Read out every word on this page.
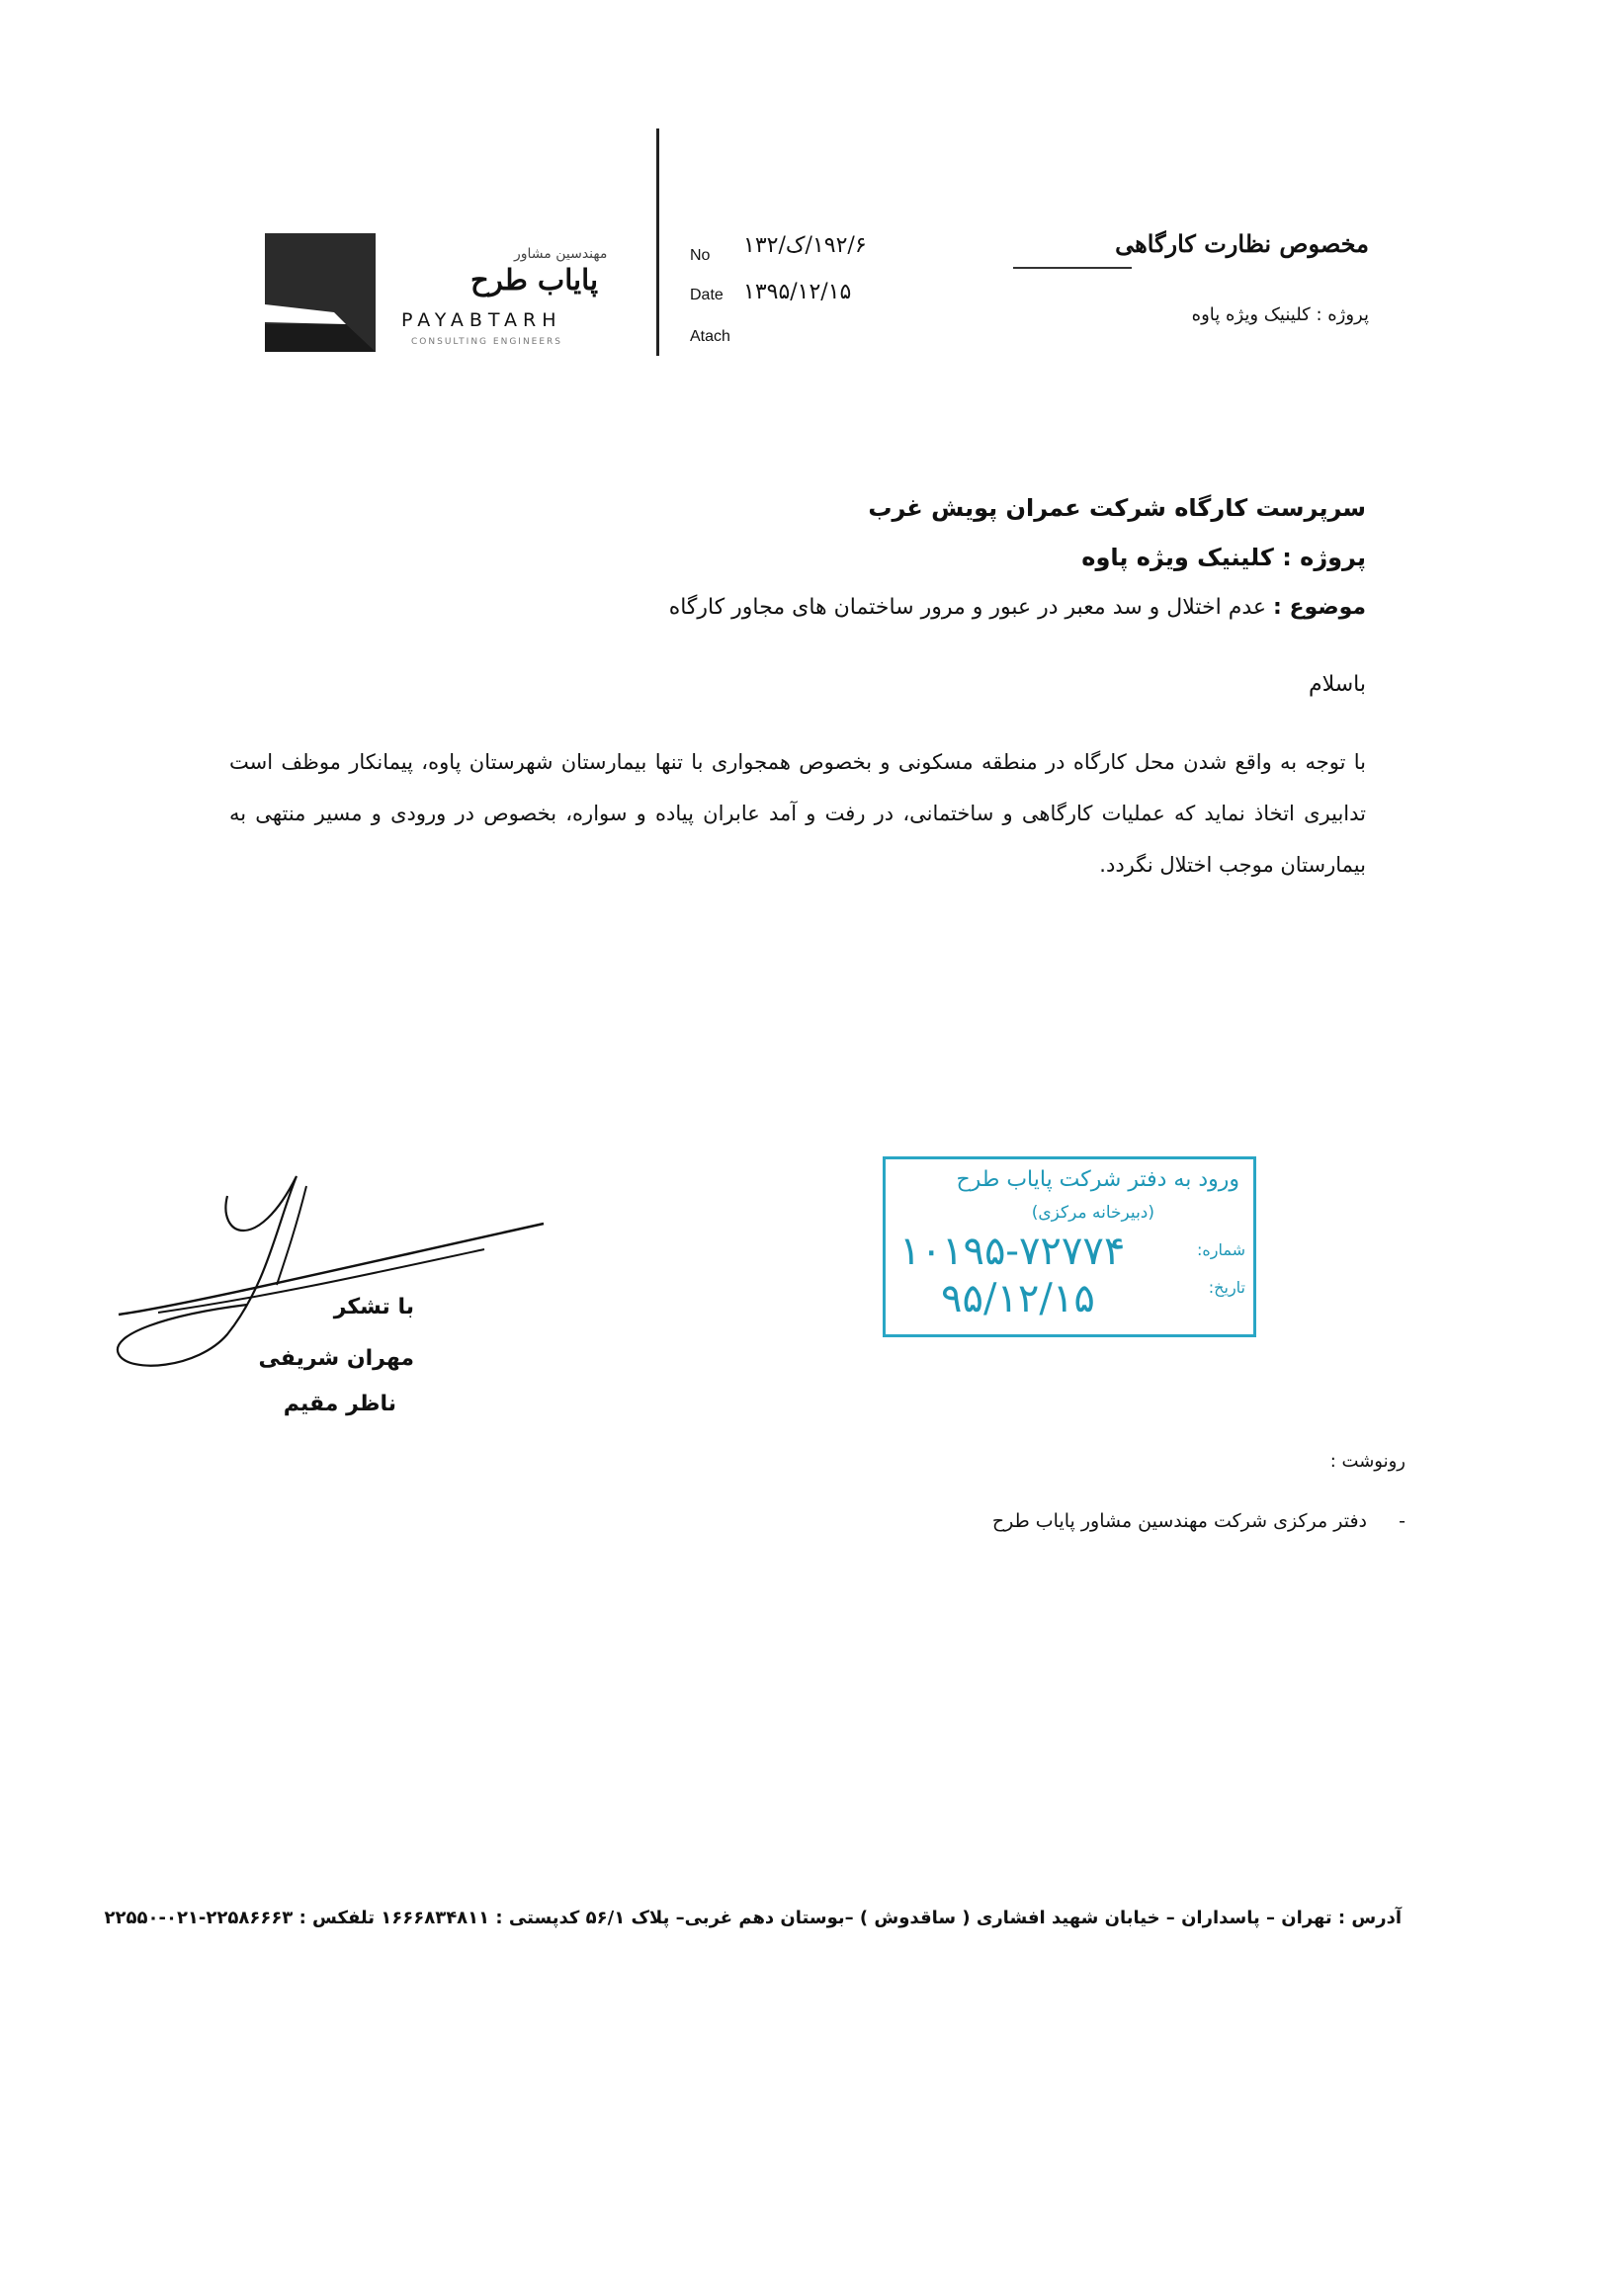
مهندسین مشاور
پایاب طرح
PAYABTARH
CONSULTING ENGINEERS
No ۱۹۲/۶/ک/۱۳۲
Date ۱۳۹۵/۱۲/۱۵
Atach
مخصوص نظارت کارگاهی
پروژه : کلینیک ویژه پاوه
سرپرست کارگاه شرکت عمران پویش غرب
پروژه : کلینیک ویژه پاوه
موضوع : عدم اختلال و سد معبر در عبور و مرور ساختمان های مجاور کارگاه
باسلام
با توجه به واقع شدن محل کارگاه در منطقه مسکونی و بخصوص همجواری با تنها بیمارستان شهرستان پاوه، پیمانکار موظف است تدابیری اتخاذ نماید که عملیات کارگاهی و ساختمانی، در رفت و آمد عابران پیاده و سواره، بخصوص در ورودی و مسیر منتهی به بیمارستان موجب اختلال نگردد.
ورود به دفتر شرکت پایاب طرح
(دبیرخانه مرکزی)
شماره:
تاریخ:
۱۰۱۹۵-۷۲۷۷۴
۹۵/۱۲/۱۵
با تشکر
مهران شریفی
ناظر مقیم
رونوشت :
دفتر مرکزی شرکت مهندسین مشاور پایاب طرح -
آدرس : تهران – پاسداران – خیابان شهید افشاری ( ساقدوش ) –بوستان دهم غربی– پلاک ۵۶/۱ کدپستی : ۱۶۶۶۸۳۴۸۱۱ تلفکس : ۲۲۵۸۶۶۶۳-۰۲۱-۲۲۵۵۰
